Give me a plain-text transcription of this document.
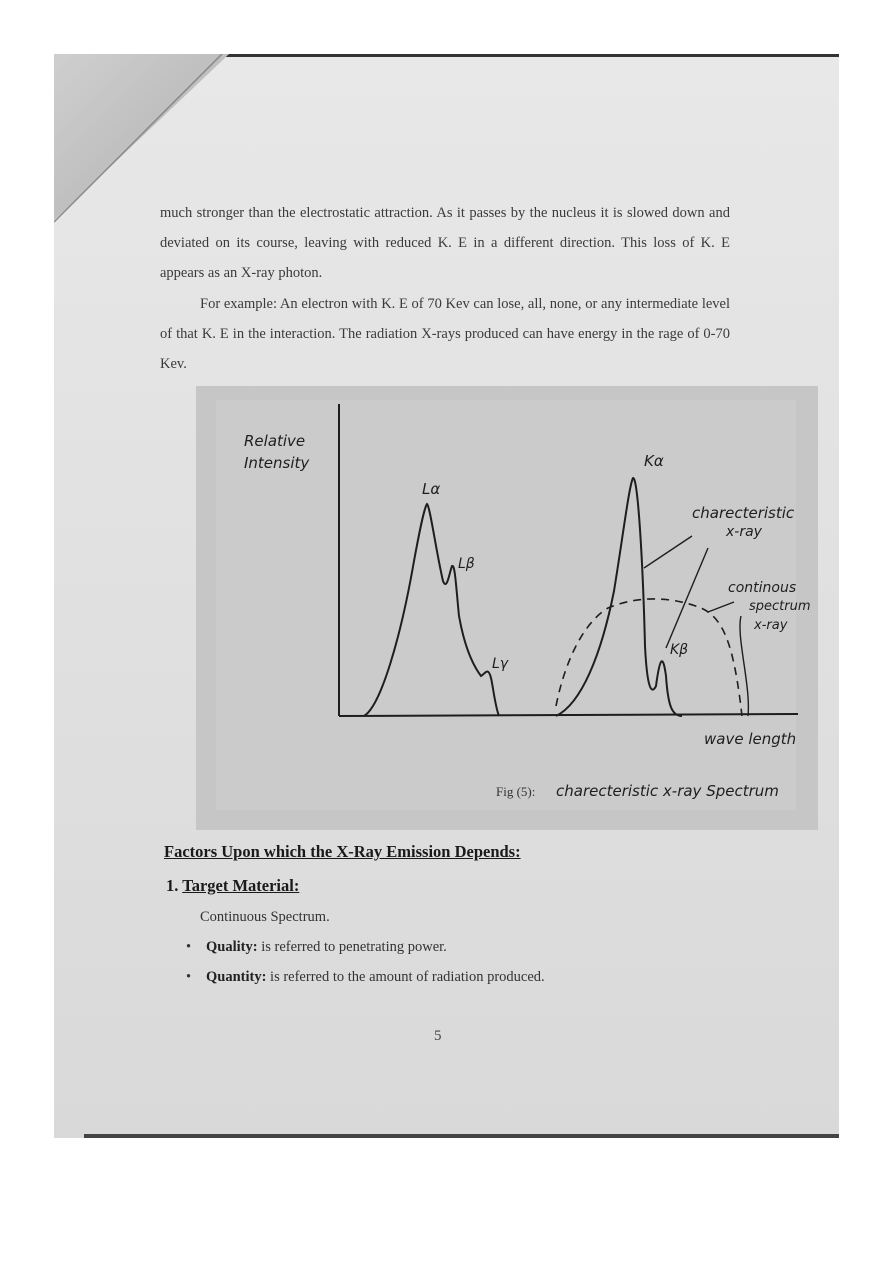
much stronger than the electrostatic attraction. As it passes by the nucleus it is slowed down and deviated on its course, leaving with reduced K. E in a different direction. This loss of K. E appears as an X-ray photon.

For example: An electron with K. E of 70 Kev can lose, all, none, or any intermediate level of that K. E in the interaction. The radiation X-rays produced can have energy in the rage of 0-70 Kev.

Relative
Intensity
Lα
Lβ
Lγ
Kα
Kβ
charecteristic
x-ray
continous
spectrum
x-ray
wave length
Fig (5): charecteristic x-ray Spectrum

Factors Upon which the X-Ray Emission Depends:

1. Target Material:

Continuous Spectrum.

• Quality: is referred to penetrating power.

• Quantity: is referred to the amount of radiation produced.

5
